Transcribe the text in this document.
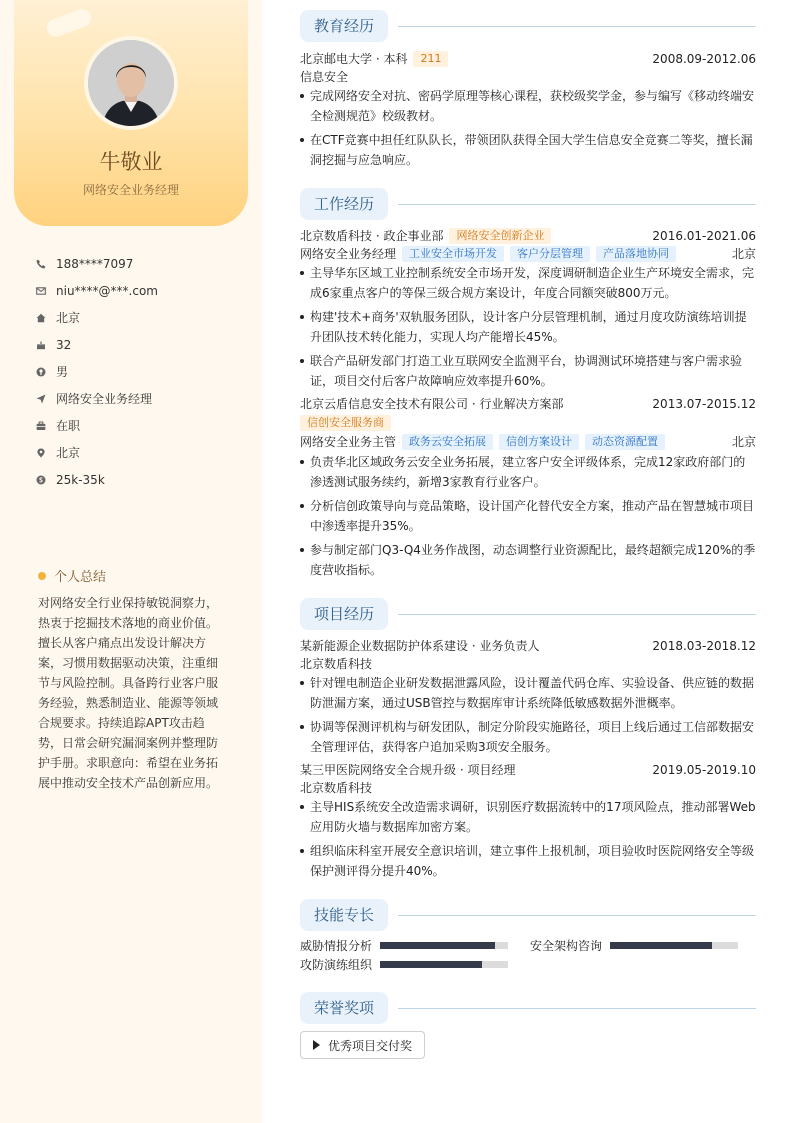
牛敬业
网络安全业务经理
188****7097
niu****@***.com
北京
32
男
网络安全业务经理
在职
北京
25k-35k
个人总结
对网络安全行业保持敏锐洞察力，热衷于挖掘技术落地的商业价值。擅长从客户痛点出发设计解决方案，习惯用数据驱动决策，注重细节与风险控制。具备跨行业客户服务经验，熟悉制造业、能源等领域合规要求。持续追踪APT攻击趋势，日常会研究漏洞案例并整理防护手册。求职意向：希望在业务拓展中推动安全技术产品创新应用。
教育经历
北京邮电大学 · 本科	211	2008.09-2012.06
信息安全
完成网络安全对抗、密码学原理等核心课程，获校级奖学金，参与编写《移动终端安全检测规范》校级教材。
在CTF竞赛中担任红队队长，带领团队获得全国大学生信息安全竞赛二等奖，擅长漏洞挖掘与应急响应。
工作经历
北京数盾科技 · 政企事业部	网络安全创新企业	2016.01-2021.06
网络安全业务经理	工业安全市场开发	客户分层管理	产品落地协同	北京
主导华东区域工业控制系统安全市场开发，深度调研制造企业生产环境安全需求，完成6家重点客户的等保三级合规方案设计，年度合同额突破800万元。
构建'技术+商务'双轨服务团队，设计客户分层管理机制，通过月度攻防演练培训提升团队技术转化能力，实现人均产能增长45%。
联合产品研发部门打造工业互联网安全监测平台，协调测试环境搭建与客户需求验证，项目交付后客户故障响应效率提升60%。
北京云盾信息安全技术有限公司 · 行业解决方案部	2013.07-2015.12
信创安全服务商
网络安全业务主管	政务云安全拓展	信创方案设计	动态资源配置	北京
负责华北区域政务云安全业务拓展，建立客户安全评级体系，完成12家政府部门的渗透测试服务续约，新增3家教育行业客户。
分析信创政策导向与竞品策略，设计国产化替代安全方案，推动产品在智慧城市项目中渗透率提升35%。
参与制定部门Q3-Q4业务作战图，动态调整行业资源配比，最终超额完成120%的季度营收指标。
项目经历
某新能源企业数据防护体系建设 · 业务负责人	2018.03-2018.12
北京数盾科技
针对锂电制造企业研发数据泄露风险，设计覆盖代码仓库、实验设备、供应链的数据防泄漏方案，通过USB管控与数据库审计系统降低敏感数据外泄概率。
协调等保测评机构与研发团队，制定分阶段实施路径，项目上线后通过工信部数据安全管理评估，获得客户追加采购3项安全服务。
某三甲医院网络安全合规升级 · 项目经理	2019.05-2019.10
北京数盾科技
主导HIS系统安全改造需求调研，识别医疗数据流转中的17项风险点，推动部署Web应用防火墙与数据库加密方案。
组织临床科室开展安全意识培训，建立事件上报机制，项目验收时医院网络安全等级保护测评得分提升40%。
技能专长
威胁情报分析	安全架构咨询
攻防演练组织
荣誉奖项
优秀项目交付奖
